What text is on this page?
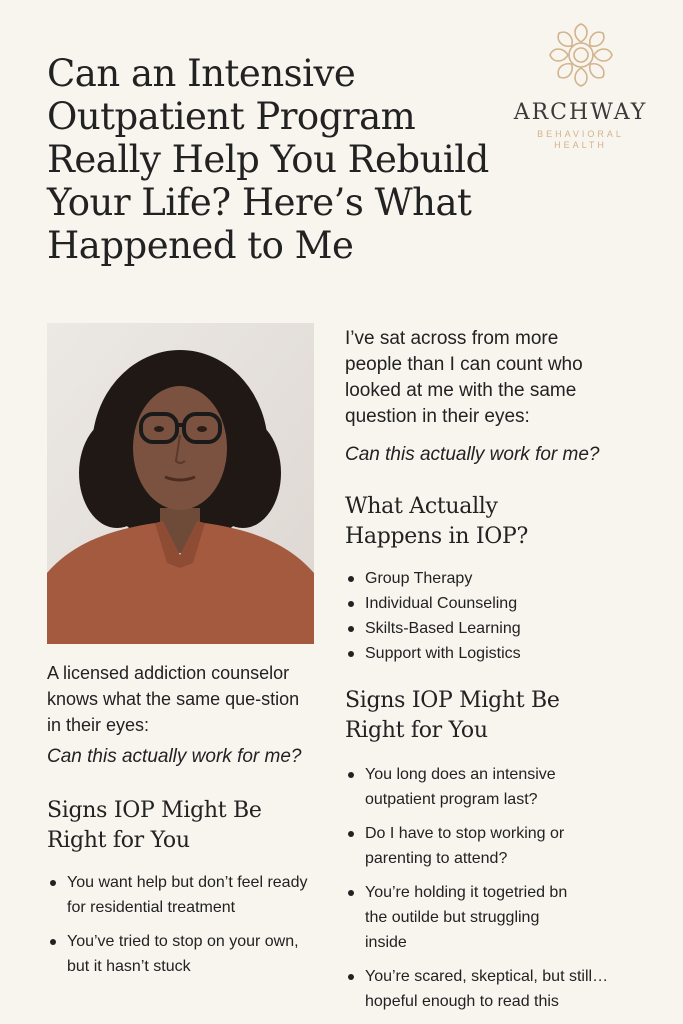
Can an Intensive Outpatient Program Really Help You Rebuild Your Life? Here’s What Happened to Me
ARCHWAY
BEHAVIORAL
HEALTH

A licensed addiction counselor knows what the same que-stion in their eyes:

Can this actually work for me?

Signs IOP Might Be Right for You
You want help but don’t feel ready for residential treatment
You’ve tried to stop on your own, but it hasn’t stuck

I’ve sat across from more people than I can count who looked at me with the same question in their eyes:

Can this actually work for me?

What Actually Happens in IOP?
Group Therapy
Individual Counseling
Skilts-Based Learning
Support with Logistics
Signs IOP Might Be Right for You
You long does an intensive outpatient program last?
Do I have to stop working or parenting to attend?
You’re holding it togetried bn the outilde but struggling inside
You’re scared, skeptical, but still… hopeful enough to read this
